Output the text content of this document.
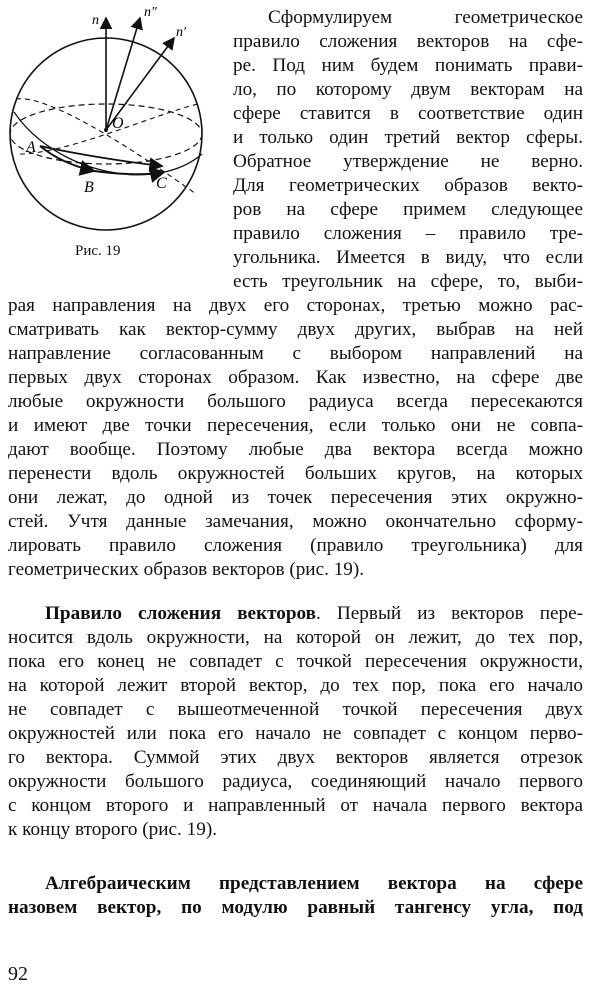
n
n″
n′
O
A
B	C
Рис. 19
Сформулируем геометрическое
правило сложения векторов на сфе-
ре. Под ним будем понимать прави-
ло, по которому двум векторам на
сфере ставится в соответствие один
и только один третий вектор сферы.
Обратное утверждение не верно.
Для геометрических образов векто-
ров на сфере примем следующее
правило сложения – правило тре-
угольника. Имеется в виду, что если
есть треугольник на сфере, то, выби-
рая направления на двух его сторонах, третью можно рас-
сматривать как вектор-сумму двух других, выбрав на ней
направление согласованным с выбором направлений на
первых двух сторонах образом. Как известно, на сфере две
любые окружности большого радиуса всегда пересекаются
и имеют две точки пересечения, если только они не совпа-
дают вообще. Поэтому любые два вектора всегда можно
перенести вдоль окружностей больших кругов, на которых
они лежат, до одной из точек пересечения этих окружно-
стей. Учтя данные замечания, можно окончательно сформу-
лировать правило сложения (правило треугольника) для
геометрических образов векторов (рис. 19).
Правило сложения векторов. Первый из векторов пере-
носится вдоль окружности, на которой он лежит, до тех пор,
пока его конец не совпадет с точкой пересечения окружности,
на которой лежит второй вектор, до тех пор, пока его начало
не совпадет с вышеотмеченной точкой пересечения двух
окружностей или пока его начало не совпадет с концом перво-
го вектора. Суммой этих двух векторов является отрезок
окружности большого радиуса, соединяющий начало первого
с концом второго и направленный от начала первого вектора
к концу второго (рис. 19).
Алгебраическим представлением вектора на сфере
назовем вектор, по модулю равный тангенсу угла, под
92
